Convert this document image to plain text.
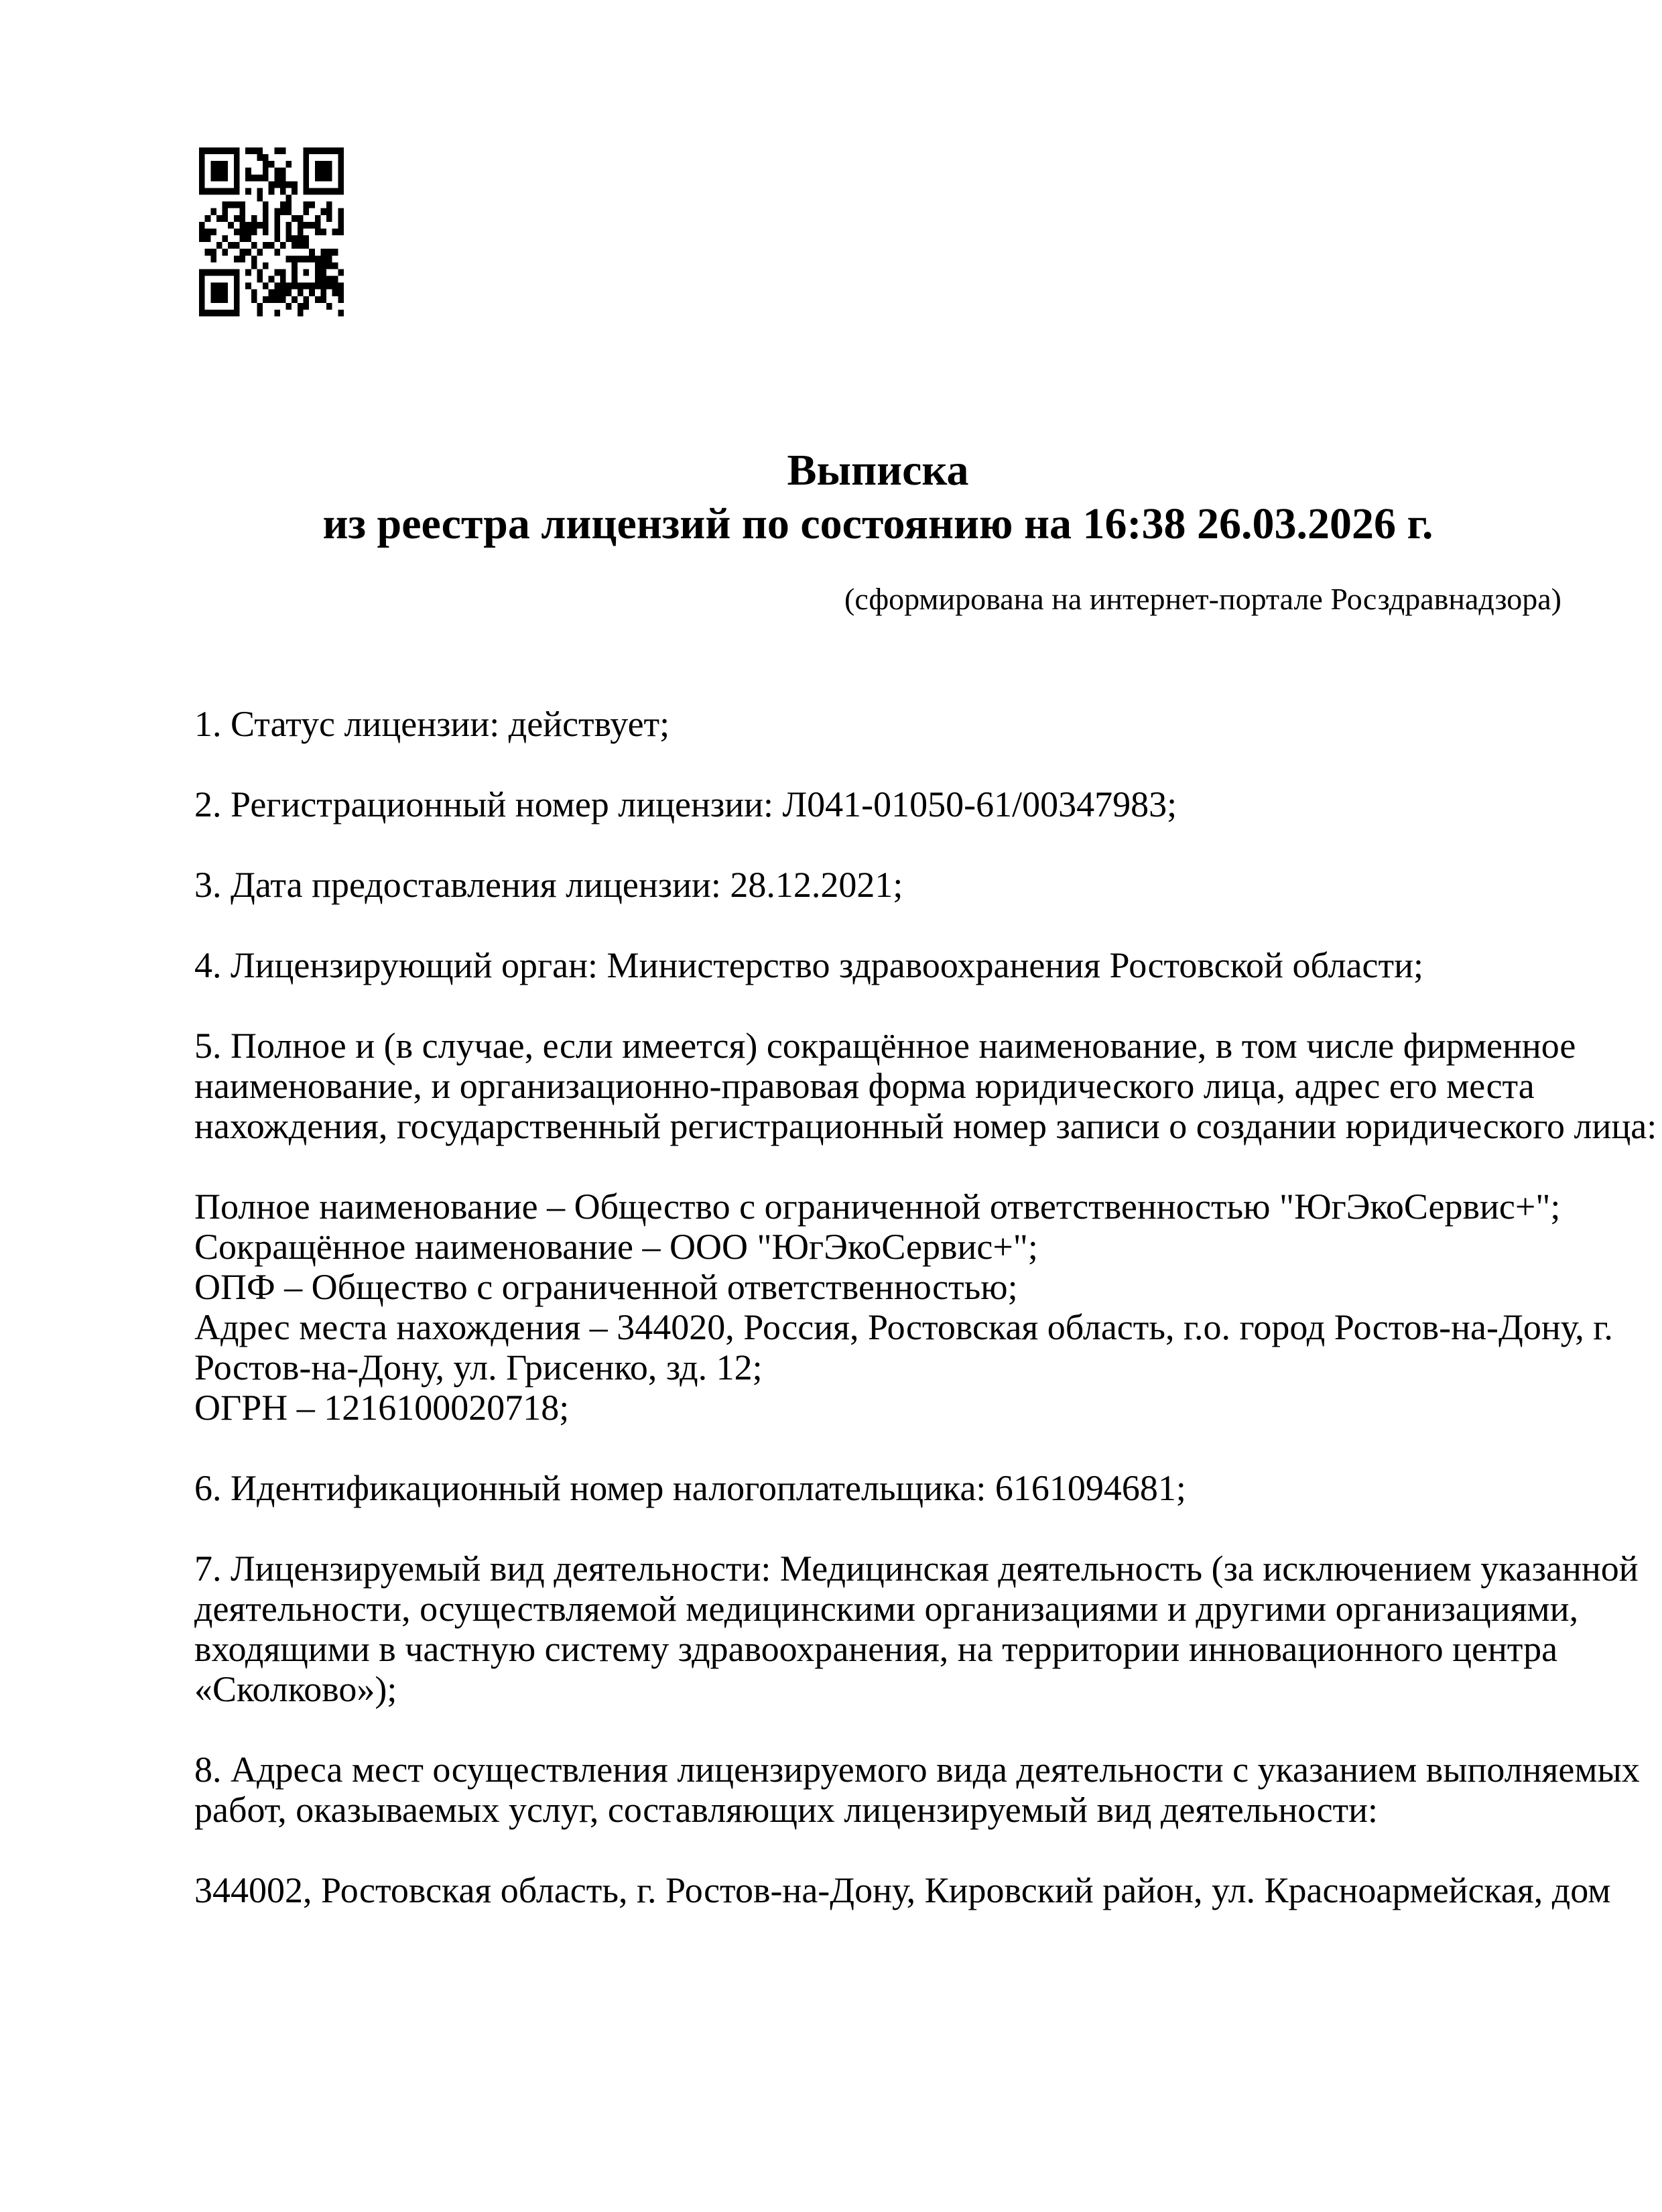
Выписка
из реестра лицензий по состоянию на 16:38 26.03.2026 г.
(сформирована на интернет-портале Росздравнадзора)
1. Статус лицензии: действует;

2. Регистрационный номер лицензии: Л041-01050-61/00347983;

3. Дата предоставления лицензии: 28.12.2021;

4. Лицензирующий орган: Министерство здравоохранения Ростовской области;

5. Полное и (в случае, если имеется) сокращённое наименование, в том числе фирменное
наименование, и организационно-правовая форма юридического лица, адрес его места
нахождения, государственный регистрационный номер записи о создании юридического лица:

Полное наименование – Общество с ограниченной ответственностью "ЮгЭкоСервис+";
Сокращённое наименование – ООО "ЮгЭкоСервис+";
ОПФ – Общество с ограниченной ответственностью;
Адрес места нахождения – 344020, Россия, Ростовская область, г.о. город Ростов-на-Дону, г.
Ростов-на-Дону, ул. Грисенко, зд. 12;
ОГРН – 1216100020718;

6. Идентификационный номер налогоплательщика: 6161094681;

7. Лицензируемый вид деятельности: Медицинская деятельность (за исключением указанной
деятельности, осуществляемой медицинскими организациями и другими организациями,
входящими в частную систему здравоохранения, на территории инновационного центра
«Сколково»);

8. Адреса мест осуществления лицензируемого вида деятельности с указанием выполняемых
работ, оказываемых услуг, составляющих лицензируемый вид деятельности:

344002, Ростовская область, г. Ростов-на-Дону, Кировский район, ул. Красноармейская, дом
